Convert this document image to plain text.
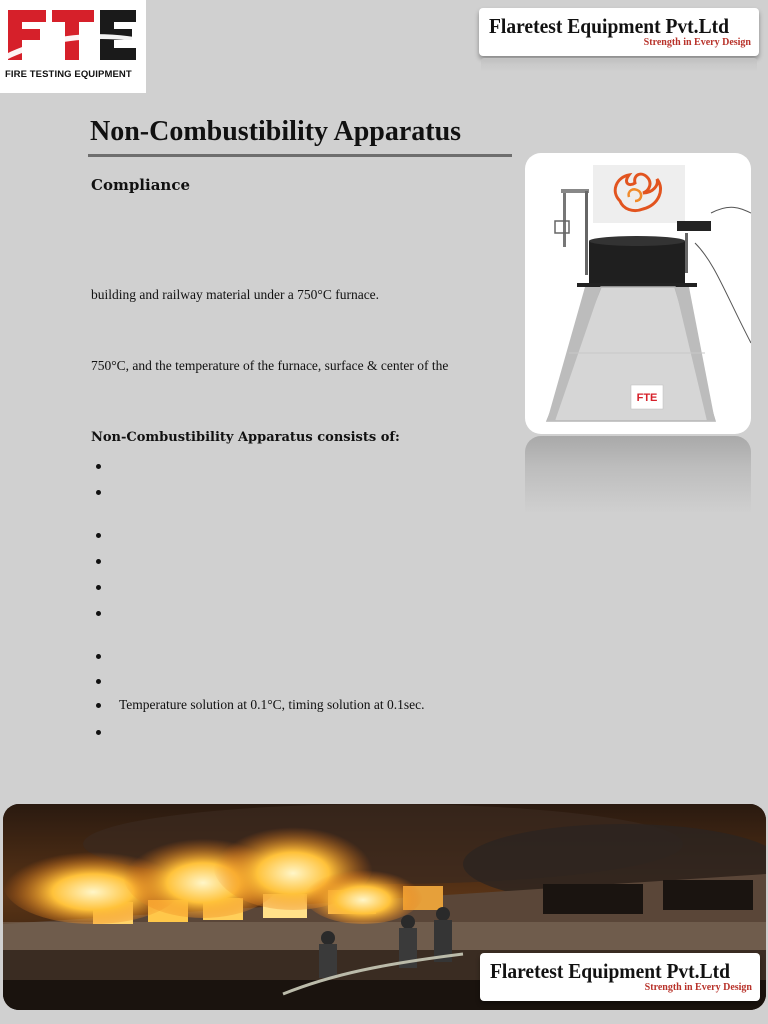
FIRE TESTING EQUIPMENT
Flaretest Equipment Pvt.Ltd
Strength in Every Design
Non-Combustibility Apparatus
Compliance
building and railway material under a 750°C furnace.
750°C, and the temperature of the furnace, surface & center of the
Non-Combustibility Apparatus consists of:
Temperature solution at 0.1°C, timing solution at 0.1sec.
FTE
Flaretest Equipment Pvt.Ltd
Strength in Every Design
